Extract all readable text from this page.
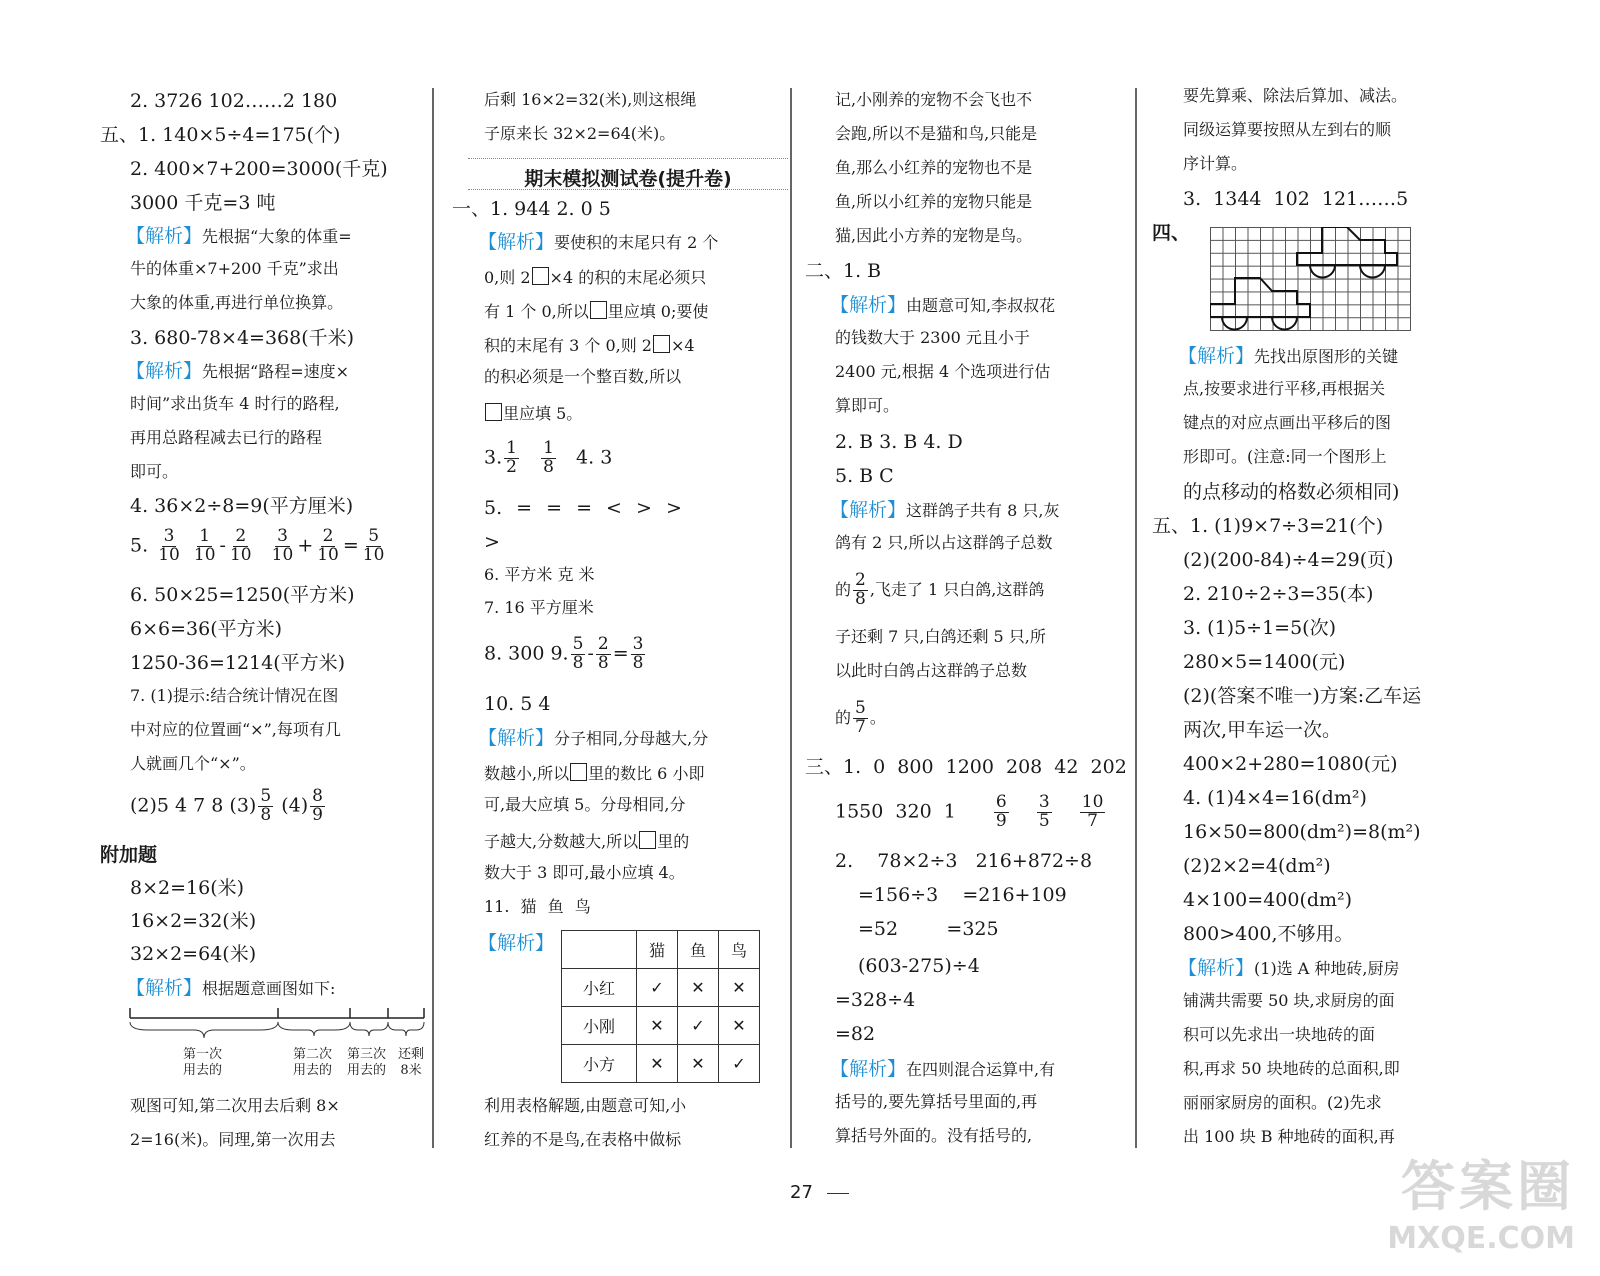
2. 3726 102……2 180
五、1. 140×5÷4=175(个)
2. 400×7+200=3000(千克)
3000 千克=3 吨
【解析】先根据“大象的体重=
牛的体重×7+200 千克”求出
大象的体重,再进行单位换算。
3. 680-78×4=368(千米)
【解析】先根据“路程=速度×
时间”求出货车 4 时行的路程,
再用总路程减去已行的路程
即可。
4. 36×2÷8=9(平方厘米)
5. $\frac{3}{10}$
$\frac{1}{10} - \frac{2}{10}$
$\frac{3}{10} + \frac{2}{10} = \frac{5}{10}$
6. 50×25=1250(平方米)
6×6=36(平方米)
1250-36=1214(平方米)
7. (1)提示:结合统计情况在图
中对应的位置画“×”,每项有几
人就画几个“×”。
(2)5 4 7 8 $(3) \frac{5}{8} (4) \frac{8}{9}$
附加题
8×2=16(米)
16×2=32(米)
32×2=64(米)
【解析】根据题意画图如下:
第一次
用去的
第二次
用去的
第三次
用去的
还剩
8米
观图可知,第二次用去后剩 8×
2=16(米)。同理,第一次用去
后剩 16×2=32(米),则这根绳
子原来长 32×2=64(米)。
期末模拟测试卷(提升卷)
一、1. 944 2. 0 5
【解析】要使积的末尾只有 2 个
0,则 2 ×4 的积的末尾必须只
有 1 个 0,所以 里应填 0;要使
积的末尾有 3 个 0,则 2 ×4
的积必须是一个整百数,所以
里应填 5。
3. $\frac{1}{2}$
$\frac{1}{8} 4$. 3
5. = = = < > >
>
6. 平方米 克 米
7. 16 平方厘米
8. 300 9. $\frac{5}{8} - \frac{2}{8} = \frac{3}{8}$
10. 5 4
【解析】分子相同,分母越大,分
数越小,所以 里的数比 6 小即
可,最大应填 5。分母相同,分
子越大,分数越大,所以 里的
数大于 3 即可,最小应填 4。
11. 猫 鱼 鸟
【解析】
		猫	鱼	鸟
小红	✓	✕	✕
小刚	✕	✓	✕
小方	✕	✕	✓
利用表格解题,由题意可知,小
红养的不是鸟,在表格中做标
记,小刚养的宠物不会飞也不
会跑,所以不是猫和鸟,只能是
鱼,那么小红养的宠物也不是
鱼,所以小红养的宠物只能是
猫,因此小方养的宠物是鸟。
二、1. B
【解析】由题意可知,李叔叔花
的钱数大于 2300 元且小于
2400 元,根据 4 个选项进行估
算即可。
2. B 3. B 4. D
5. B C
【解析】这群鸽子共有 8 只,灰
鸽有 2 只,所以占这群鸽子总数
的 $\frac{2}{8}$ ,飞走了 1 只白鸽,这群鸽
子还剩 7 只,白鸽还剩 5 只,所
以此时白鸽占这群鸽子总数
的 $\frac{5}{7}$ 。
三、1. 0 800 1200 208 42 202
1550 320 $1 \frac{6}{9}$
$\frac{3}{5}$
$\frac{10}{7}$
2.    78×2÷3   216+872÷8
=156÷3    =216+109
=52        =325
(603-275)÷4
=328÷4
=82
【解析】在四则混合运算中,有
括号的,要先算括号里面的,再
算括号外面的。没有括号的,
要先算乘、除法后算加、减法。
同级运算要按照从左到右的顺
序计算。
3. 1344 102 121……5
四、
【解析】先找出原图形的关键
点,按要求进行平移,再根据关
键点的对应点画出平移后的图
形即可。(注意:同一个图形上
的点移动的格数必须相同)
五、1. (1)9×7÷3=21(个)
(2)(200-84)÷4=29(页)
2. 210÷2÷3=35(本)
3. (1)5÷1=5(次)
280×5=1400(元)
(2)(答案不唯一)方案:乙车运
两次,甲车运一次。
400×2+280=1080(元)
4. (1)4×4=16(dm²)
16×50=800(dm²)=8(m²)
(2)2×2=4(dm²)
4×100=400(dm²)
800>400,不够用。
【解析】(1)选 A 种地砖,厨房
铺满共需要 50 块,求厨房的面
积可以先求出一块地砖的面
积,再求 50 块地砖的总面积,即
丽丽家厨房的面积。(2)先求
出 100 块 B 种地砖的面积,再
27	答案圈
MXQE.COM
